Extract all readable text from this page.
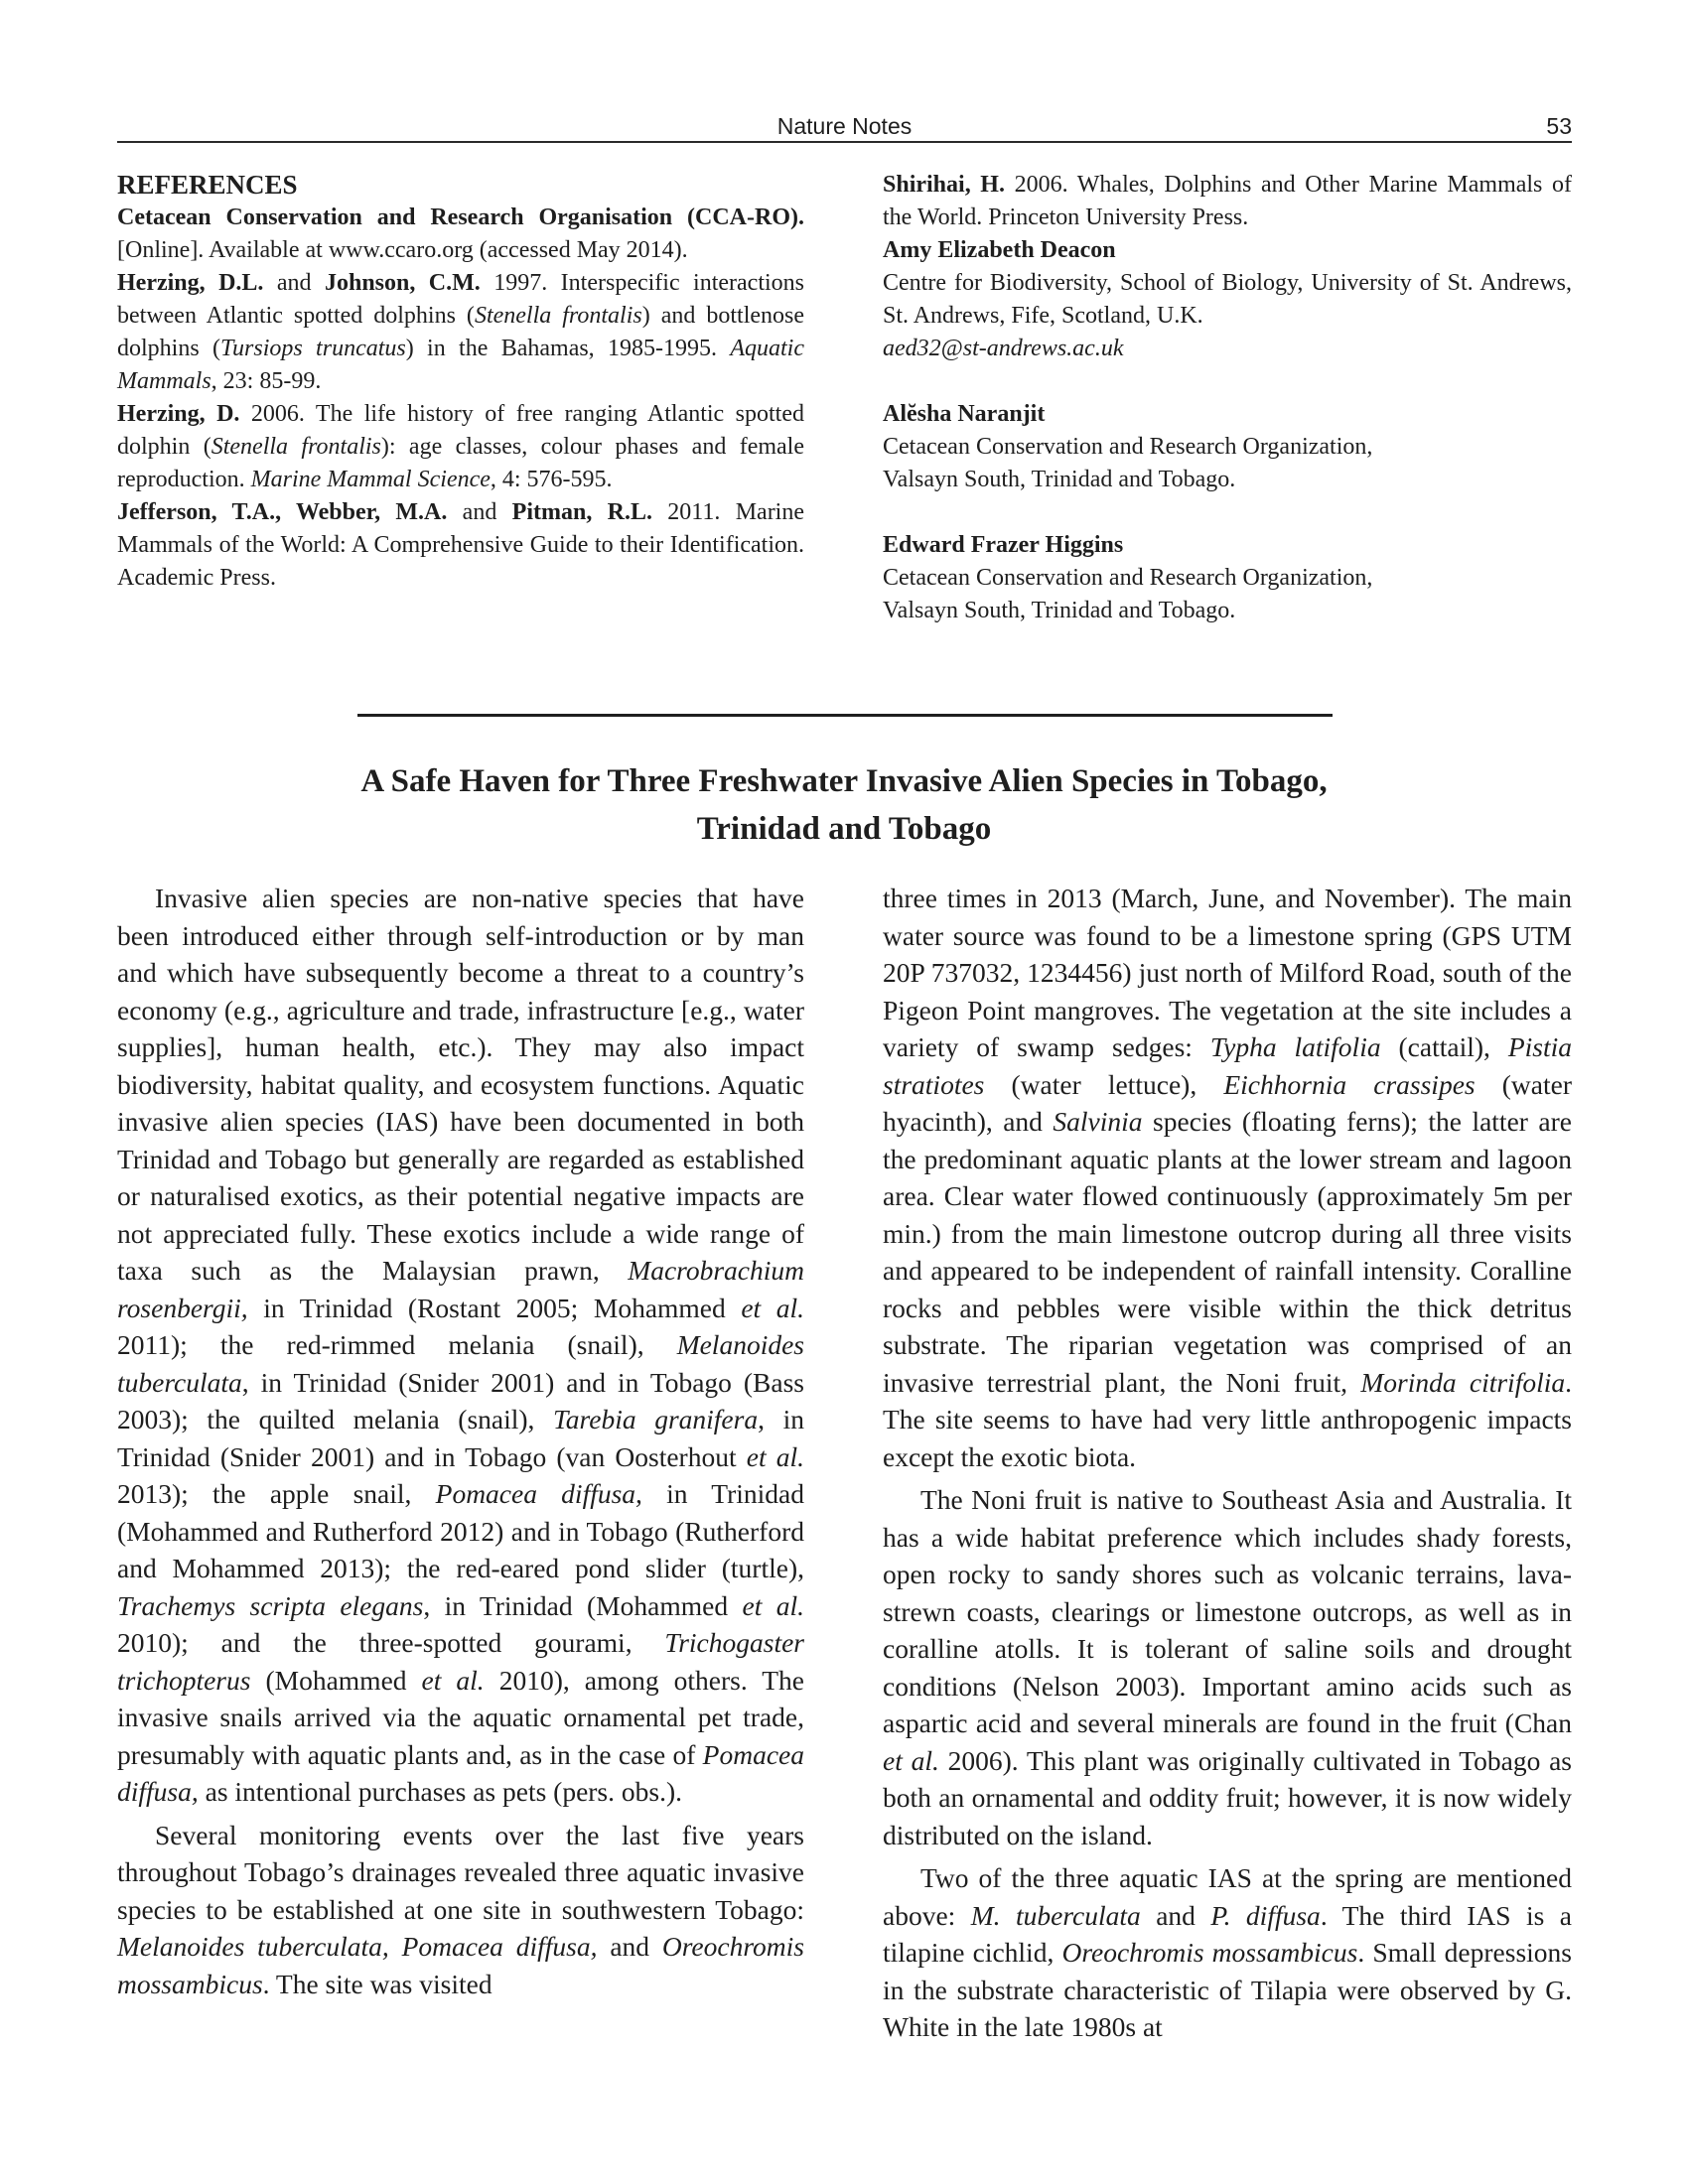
Nature Notes	53
REFERENCES
Cetacean Conservation and Research Organisation (CCA-RO). [Online]. Available at www.ccaro.org (accessed May 2014).
Herzing, D.L. and Johnson, C.M. 1997. Interspecific interactions between Atlantic spotted dolphins (Stenella frontalis) and bottlenose dolphins (Tursiops truncatus) in the Bahamas, 1985-1995. Aquatic Mammals, 23: 85-99.
Herzing, D. 2006. The life history of free ranging Atlantic spotted dolphin (Stenella frontalis): age classes, colour phases and female reproduction. Marine Mammal Science, 4: 576-595.
Jefferson, T.A., Webber, M.A. and Pitman, R.L. 2011. Marine Mammals of the World: A Comprehensive Guide to their Identification. Academic Press.
Shirihai, H. 2006. Whales, Dolphins and Other Marine Mammals of the World. Princeton University Press.
Amy Elizabeth Deacon
Centre for Biodiversity, School of Biology, University of St. Andrews, St. Andrews, Fife, Scotland, U.K.
aed32@st-andrews.ac.uk
Alĕsha Naranjit
Cetacean Conservation and Research Organization,
Valsayn South, Trinidad and Tobago.
Edward Frazer Higgins
Cetacean Conservation and Research Organization,
Valsayn South, Trinidad and Tobago.
A Safe Haven for Three Freshwater Invasive Alien Species in Tobago,
Trinidad and Tobago

Invasive alien species are non-native species that have been introduced either through self-introduction or by man and which have subsequently become a threat to a country’s economy (e.g., agriculture and trade, infrastructure [e.g., water supplies], human health, etc.). They may also impact biodiversity, habitat quality, and ecosystem functions. Aquatic invasive alien species (IAS) have been documented in both Trinidad and Tobago but generally are regarded as established or naturalised exotics, as their potential negative impacts are not appreciated fully. These exotics include a wide range of taxa such as the Malaysian prawn, Macrobrachium rosenbergii, in Trinidad (Rostant 2005; Mohammed et al. 2011); the red-rimmed melania (snail), Melanoides tuberculata, in Trinidad (Snider 2001) and in Tobago (Bass 2003); the quilted melania (snail), Tarebia granifera, in Trinidad (Snider 2001) and in Tobago (van Oosterhout et al. 2013); the apple snail, Pomacea diffusa, in Trinidad (Mohammed and Rutherford 2012) and in Tobago (Rutherford and Mohammed 2013); the red-eared pond slider (turtle), Trachemys scripta elegans, in Trinidad (Mohammed et al. 2010); and the three-spotted gourami, Trichogaster trichopterus (Mohammed et al. 2010), among others. The invasive snails arrived via the aquatic ornamental pet trade, presumably with aquatic plants and, as in the case of Pomacea diffusa, as intentional purchases as pets (pers. obs.).

Several monitoring events over the last five years throughout Tobago’s drainages revealed three aquatic invasive species to be established at one site in southwestern Tobago: Melanoides tuberculata, Pomacea diffusa, and Oreochromis mossambicus. The site was visited

three times in 2013 (March, June, and November). The main water source was found to be a limestone spring (GPS UTM 20P 737032, 1234456) just north of Milford Road, south of the Pigeon Point mangroves. The vegetation at the site includes a variety of swamp sedges: Typha latifolia (cattail), Pistia stratiotes (water lettuce), Eichhornia crassipes (water hyacinth), and Salvinia species (floating ferns); the latter are the predominant aquatic plants at the lower stream and lagoon area. Clear water flowed continuously (approximately 5m per min.) from the main limestone outcrop during all three visits and appeared to be independent of rainfall intensity. Coralline rocks and pebbles were visible within the thick detritus substrate. The riparian vegetation was comprised of an invasive terrestrial plant, the Noni fruit, Morinda citrifolia. The site seems to have had very little anthropogenic impacts except the exotic biota.

The Noni fruit is native to Southeast Asia and Australia. It has a wide habitat preference which includes shady forests, open rocky to sandy shores such as volcanic terrains, lava-strewn coasts, clearings or limestone outcrops, as well as in coralline atolls. It is tolerant of saline soils and drought conditions (Nelson 2003). Important amino acids such as aspartic acid and several minerals are found in the fruit (Chan et al. 2006). This plant was originally cultivated in Tobago as both an ornamental and oddity fruit; however, it is now widely distributed on the island.

Two of the three aquatic IAS at the spring are mentioned above: M. tuberculata and P. diffusa. The third IAS is a tilapine cichlid, Oreochromis mossambicus. Small depressions in the substrate characteristic of Tilapia were observed by G. White in the late 1980s at
